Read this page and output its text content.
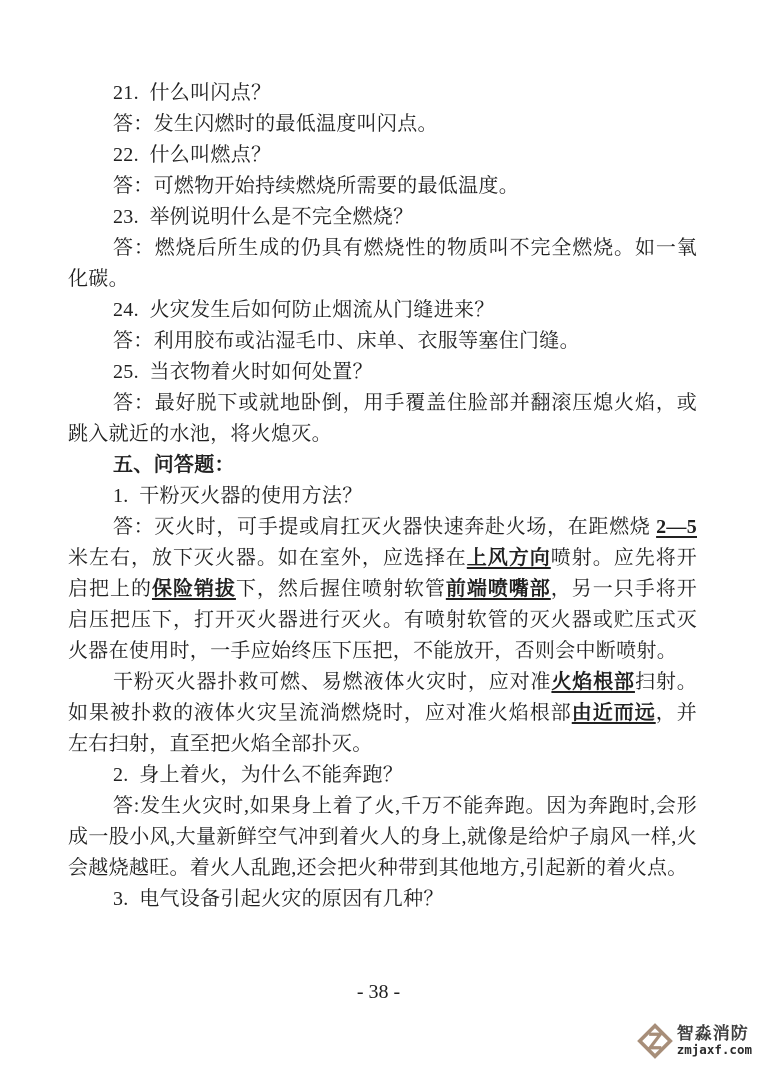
21.  什么叫闪点？

答：发生闪燃时的最低温度叫闪点。

22.  什么叫燃点？

答：可燃物开始持续燃烧所需要的最低温度。

23.  举例说明什么是不完全燃烧？

答：燃烧后所生成的仍具有燃烧性的物质叫不完全燃烧。如一氧化碳。

24.  火灾发生后如何防止烟流从门缝进来？

答：利用胶布或沾湿毛巾、床单、衣服等塞住门缝。

25.  当衣物着火时如何处置？

答：最好脱下或就地卧倒，用手覆盖住脸部并翻滚压熄火焰，或跳入就近的水池，将火熄灭。

五、问答题：

1.  干粉灭火器的使用方法？

答：灭火时，可手提或肩扛灭火器快速奔赴火场，在距燃烧 2—5 米左右，放下灭火器。如在室外，应选择在上风方向喷射。应先将开启把上的保险销拔下，然后握住喷射软管前端喷嘴部，另一只手将开启压把压下，打开灭火器进行灭火。有喷射软管的灭火器或贮压式灭火器在使用时，一手应始终压下压把，不能放开，否则会中断喷射。

干粉灭火器扑救可燃、易燃液体火灾时，应对准火焰根部扫射。如果被扑救的液体火灾呈流淌燃烧时，应对准火焰根部由近而远，并左右扫射，直至把火焰全部扑灭。

2.  身上着火，为什么不能奔跑？

答:发生火灾时,如果身上着了火,千万不能奔跑。因为奔跑时,会形成一股小风,大量新鲜空气冲到着火人的身上,就像是给炉子扇风一样,火会越烧越旺。着火人乱跑,还会把火种带到其他地方,引起新的着火点。

3.  电气设备引起火灾的原因有几种？

- 38 -
智淼消防
zmjaxf.com
